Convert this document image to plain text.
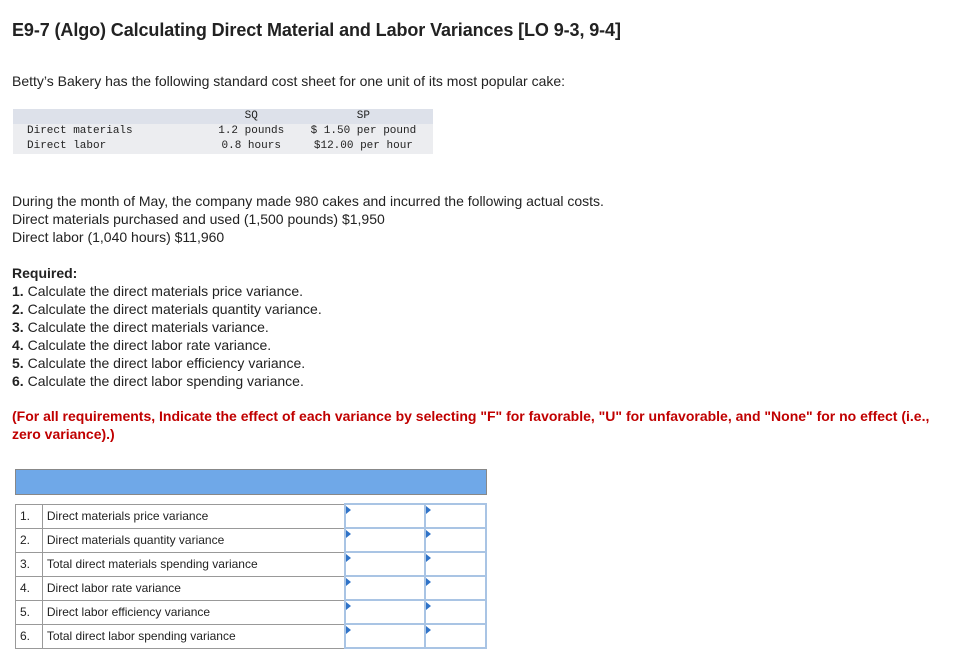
E9-7 (Algo) Calculating Direct Material and Labor Variances [LO 9-3, 9-4]
Betty’s Bakery has the following standard cost sheet for one unit of its most popular cake:
	SQ	SP
Direct materials	1.2 pounds	$ 1.50 per pound
Direct labor	0.8 hours	$12.00 per hour
During the month of May, the company made 980 cakes and incurred the following actual costs.
Direct materials purchased and used (1,500 pounds) $1,950
Direct labor (1,040 hours) $11,960
Required:
1. Calculate the direct materials price variance.
2. Calculate the direct materials quantity variance.
3. Calculate the direct materials variance.
4. Calculate the direct labor rate variance.
5. Calculate the direct labor efficiency variance.
6. Calculate the direct labor spending variance.
(For all requirements, Indicate the effect of each variance by selecting "F" for favorable, "U" for unfavorable, and "None" for no effect (i.e., zero variance).)

1.	Direct materials price variance	

2.	Direct materials quantity variance	

3.	Total direct materials spending variance	

4.	Direct labor rate variance	

5.	Direct labor efficiency variance	

6.	Total direct labor spending variance	
